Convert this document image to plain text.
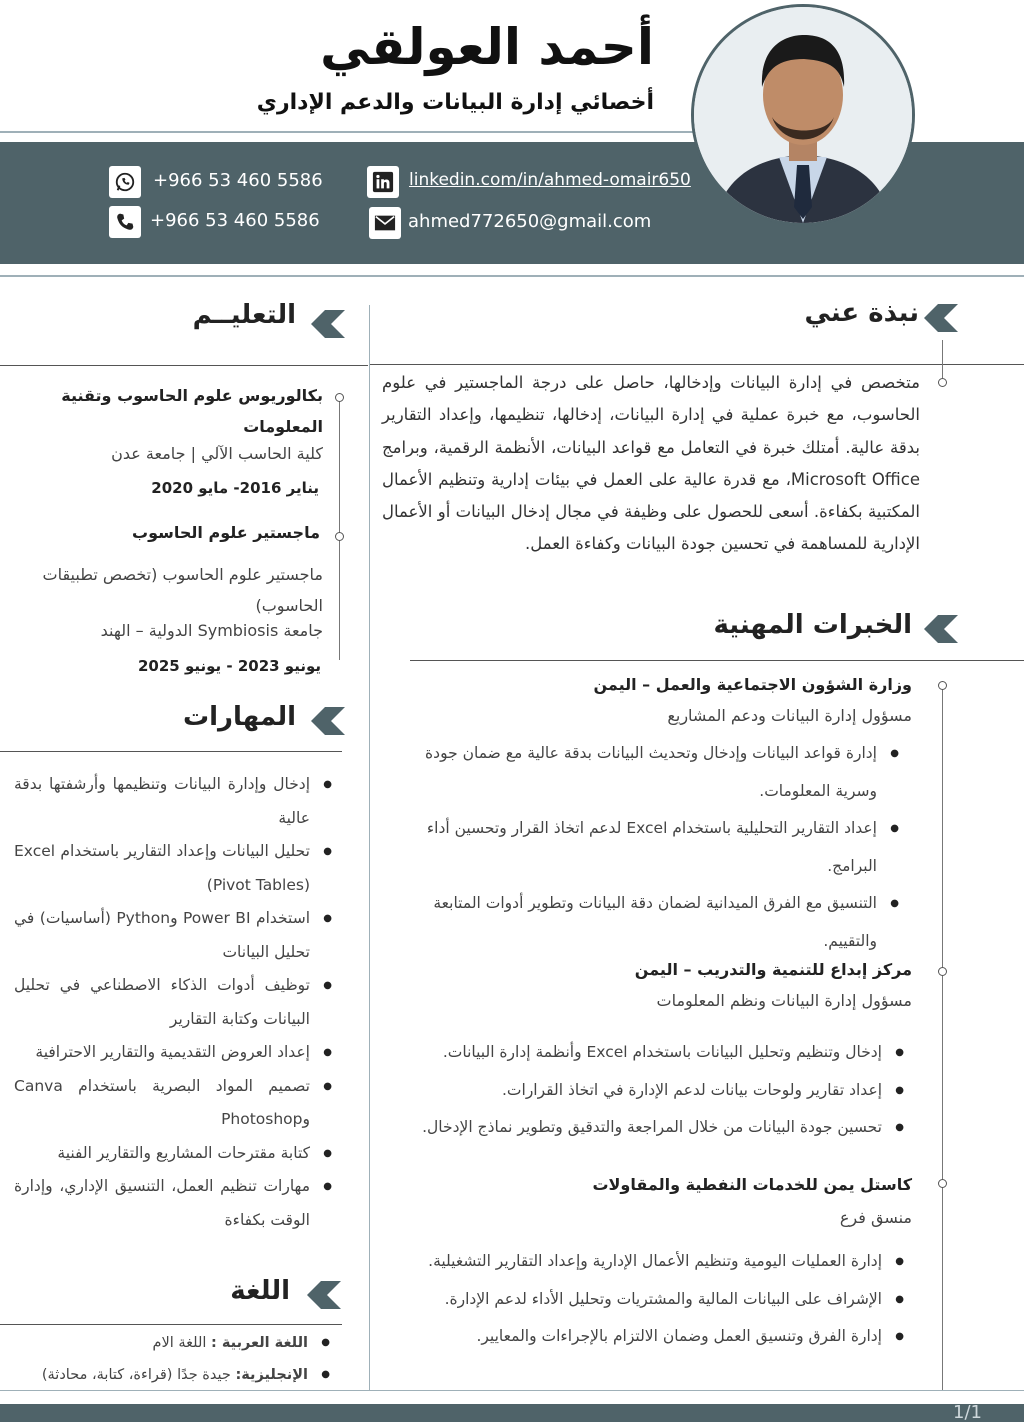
أحمد العولقي
أخصائي إدارة البيانات والدعم الإداري
+966 53 460 5586	linkedin.com/in/ahmed-omair650
+966 53 460 5586	ahmed772650@gmail.com
نبذة عني
متخصص في إدارة البيانات وإدخالها، حاصل على درجة الماجستير في علوم الحاسوب، مع خبرة عملية في إدارة البيانات، إدخالها، تنظيمها، وإعداد التقارير بدقة عالية. أمتلك خبرة في التعامل مع قواعد البيانات، الأنظمة الرقمية، وبرامج Microsoft Office، مع قدرة عالية على العمل في بيئات إدارية وتنظيم الأعمال المكتبية بكفاءة. أسعى للحصول على وظيفة في مجال إدخال البيانات أو الأعمال الإدارية للمساهمة في تحسين جودة البيانات وكفاءة العمل.
الخبرات المهنية
وزارة الشؤون الاجتماعية والعمل – اليمن
مسؤول إدارة البيانات ودعم المشاريع
● إدارة قواعد البيانات وإدخال وتحديث البيانات بدقة عالية مع ضمان جودة وسرية المعلومات.
● إعداد التقارير التحليلية باستخدام Excel لدعم اتخاذ القرار وتحسين أداء البرامج.
● التنسيق مع الفرق الميدانية لضمان دقة البيانات وتطوير أدوات المتابعة والتقييم.
مركز إبداع للتنمية والتدريب – اليمن
مسؤول إدارة البيانات ونظم المعلومات
● إدخال وتنظيم وتحليل البيانات باستخدام Excel وأنظمة إدارة البيانات.
● إعداد تقارير ولوحات بيانات لدعم الإدارة في اتخاذ القرارات.
● تحسين جودة البيانات من خلال المراجعة والتدقيق وتطوير نماذج الإدخال.
كاستل يمن للخدمات النفطية والمقاولات
منسق فرع
● إدارة العمليات اليومية وتنظيم الأعمال الإدارية وإعداد التقارير التشغيلية.
● الإشراف على البيانات المالية والمشتريات وتحليل الأداء لدعم الإدارة.
● إدارة الفرق وتنسيق العمل وضمان الالتزام بالإجراءات والمعايير.
التعليــم
بكالوريوس علوم الحاسوب وتقنية المعلومات
كلية الحاسب الآلي | جامعة عدن
يناير 2016- مايو 2020
ماجستير علوم الحاسوب
ماجستير علوم الحاسوب (تخصص تطبيقات الحاسوب)
جامعة Symbiosis الدولية – الهند
يونيو 2023 - يونيو 2025
المهارات
● إدخال وإدارة البيانات وتنظيمها وأرشفتها بدقة عالية
● تحليل البيانات وإعداد التقارير باستخدام Excel (Pivot Tables)
● استخدام Power BI وPython (أساسيات) في تحليل البيانات
● توظيف أدوات الذكاء الاصطناعي في تحليل البيانات وكتابة التقارير
● إعداد العروض التقديمية والتقارير الاحترافية
● تصميم المواد البصرية باستخدام Canva وPhotoshop
● كتابة مقترحات المشاريع والتقارير الفنية
● مهارات تنظيم العمل، التنسيق الإداري، وإدارة الوقت بكفاءة
اللغة
● اللغة العربية : اللغة الام
● الإنجليزية: جيدة جدًا (قراءة، كتابة، محادثة)
1/1
